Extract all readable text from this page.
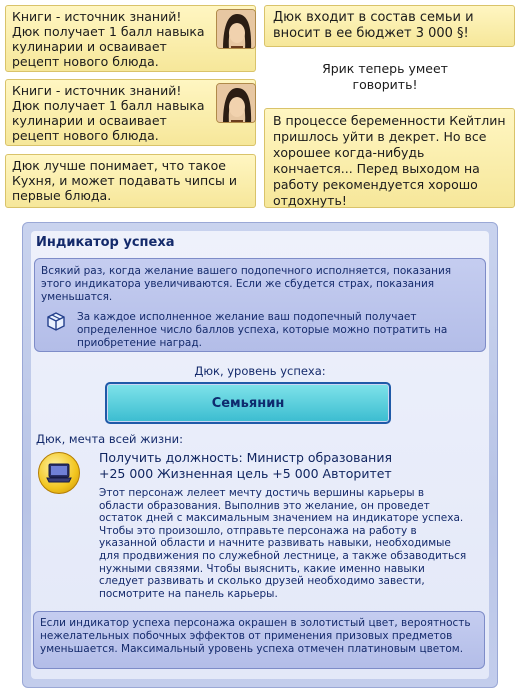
Книги - источник знаний! Дюк получает 1 балл навыка кулинарии и осваивает рецепт нового блюда.
Книги - источник знаний! Дюк получает 1 балл навыка кулинарии и осваивает рецепт нового блюда.
Дюк лучше понимает, что такое Кухня, и может подавать чипсы и первые блюда.
Дюк входит в состав семьи и вносит в ее бюджет 3 000 §!
Ярик теперь умеет говорить!
В процессе беременности Кейтлин пришлось уйти в декрет. Но все хорошее когда-нибудь кончается... Перед выходом на работу рекомендуется хорошо отдохнуть!
Индикатор успеха
Всякий раз, когда желание вашего подопечного исполняется, показания этого индикатора увеличиваются. Если же сбудется страх, показания уменьшатся.
За каждое исполненное желание ваш подопечный получает определенное число баллов успеха, которые можно потратить на приобретение наград.
Дюк, уровень успеха:
Семьянин
Дюк, мечта всей жизни:
Получить должность: Министр образования
+25 000 Жизненная цель +5 000 Авторитет
Этот персонаж лелеет мечту достичь вершины карьеры в области образования. Выполнив это желание, он проведет остаток дней с максимальным значением на индикаторе успеха. Чтобы это произошло, отправьте персонажа на работу в указанной области и начните развивать навыки, необходимые для продвижения по служебной лестнице, а также обзаводиться нужными связями. Чтобы выяснить, какие именно навыки следует развивать и сколько друзей необходимо завести, посмотрите на панель карьеры.
Если индикатор успеха персонажа окрашен в золотистый цвет, вероятность нежелательных побочных эффектов от применения призовых предметов уменьшается. Максимальный уровень успеха отмечен платиновым цветом.
